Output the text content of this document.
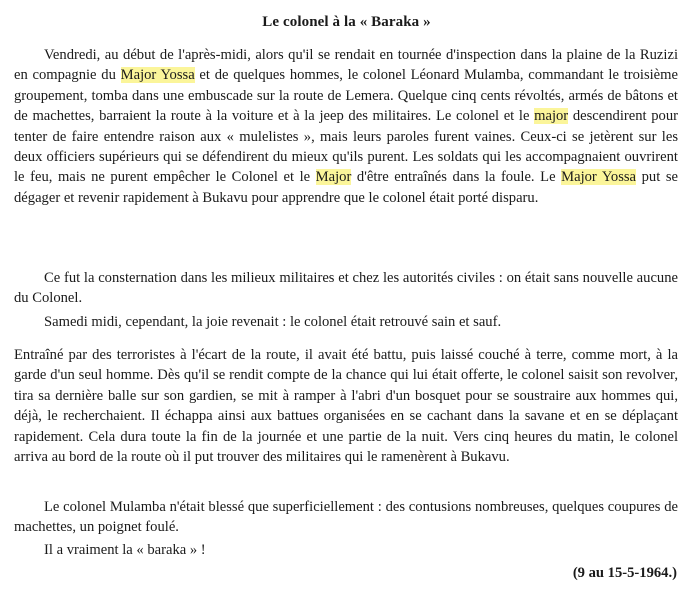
Le colonel à la « Baraka »

Vendredi, au début de l'après-midi, alors qu'il se rendait en tournée d'inspection dans la plaine de la Ruzizi en compagnie du Major Yossa et de quelques hommes, le colonel Léonard Mulamba, commandant le troisième groupement, tomba dans une embuscade sur la route de Lemera. Quelque cinq cents révoltés, armés de bâtons et de machettes, barraient la route à la voiture et à la jeep des militaires. Le colonel et le major descendirent pour tenter de faire entendre raison aux « mulelistes », mais leurs paroles furent vaines. Ceux-ci se jetèrent sur les deux officiers supérieurs qui se défendirent du mieux qu'ils purent. Les soldats qui les accompagnaient ouvrirent le feu, mais ne purent empêcher le Colonel et le Major d'être entraînés dans la foule. Le Major Yossa put se dégager et revenir rapidement à Bukavu pour apprendre que le colonel était porté disparu.

Ce fut la consternation dans les milieux militaires et chez les autorités civiles : on était sans nouvelle aucune du Colonel.

Samedi midi, cependant, la joie revenait : le colonel était retrouvé sain et sauf.

Entraîné par des terroristes à l'écart de la route, il avait été battu, puis laissé couché à terre, comme mort, à la garde d'un seul homme. Dès qu'il se rendit compte de la chance qui lui était offerte, le colonel saisit son revolver, tira sa dernière balle sur son gardien, se mit à ramper à l'abri d'un bosquet pour se soustraire aux hommes qui, déjà, le recherchaient. Il échappa ainsi aux battues organisées en se cachant dans la savane et en se déplaçant rapidement. Cela dura toute la fin de la journée et une partie de la nuit. Vers cinq heures du matin, le colonel arriva au bord de la route où il put trouver des militaires qui le ramenèrent à Bukavu.

Le colonel Mulamba n'était blessé que superficiellement : des contusions nombreuses, quelques coupures de machettes, un poignet foulé.

Il a vraiment la « baraka » !

(9 au 15-5-1964.)
